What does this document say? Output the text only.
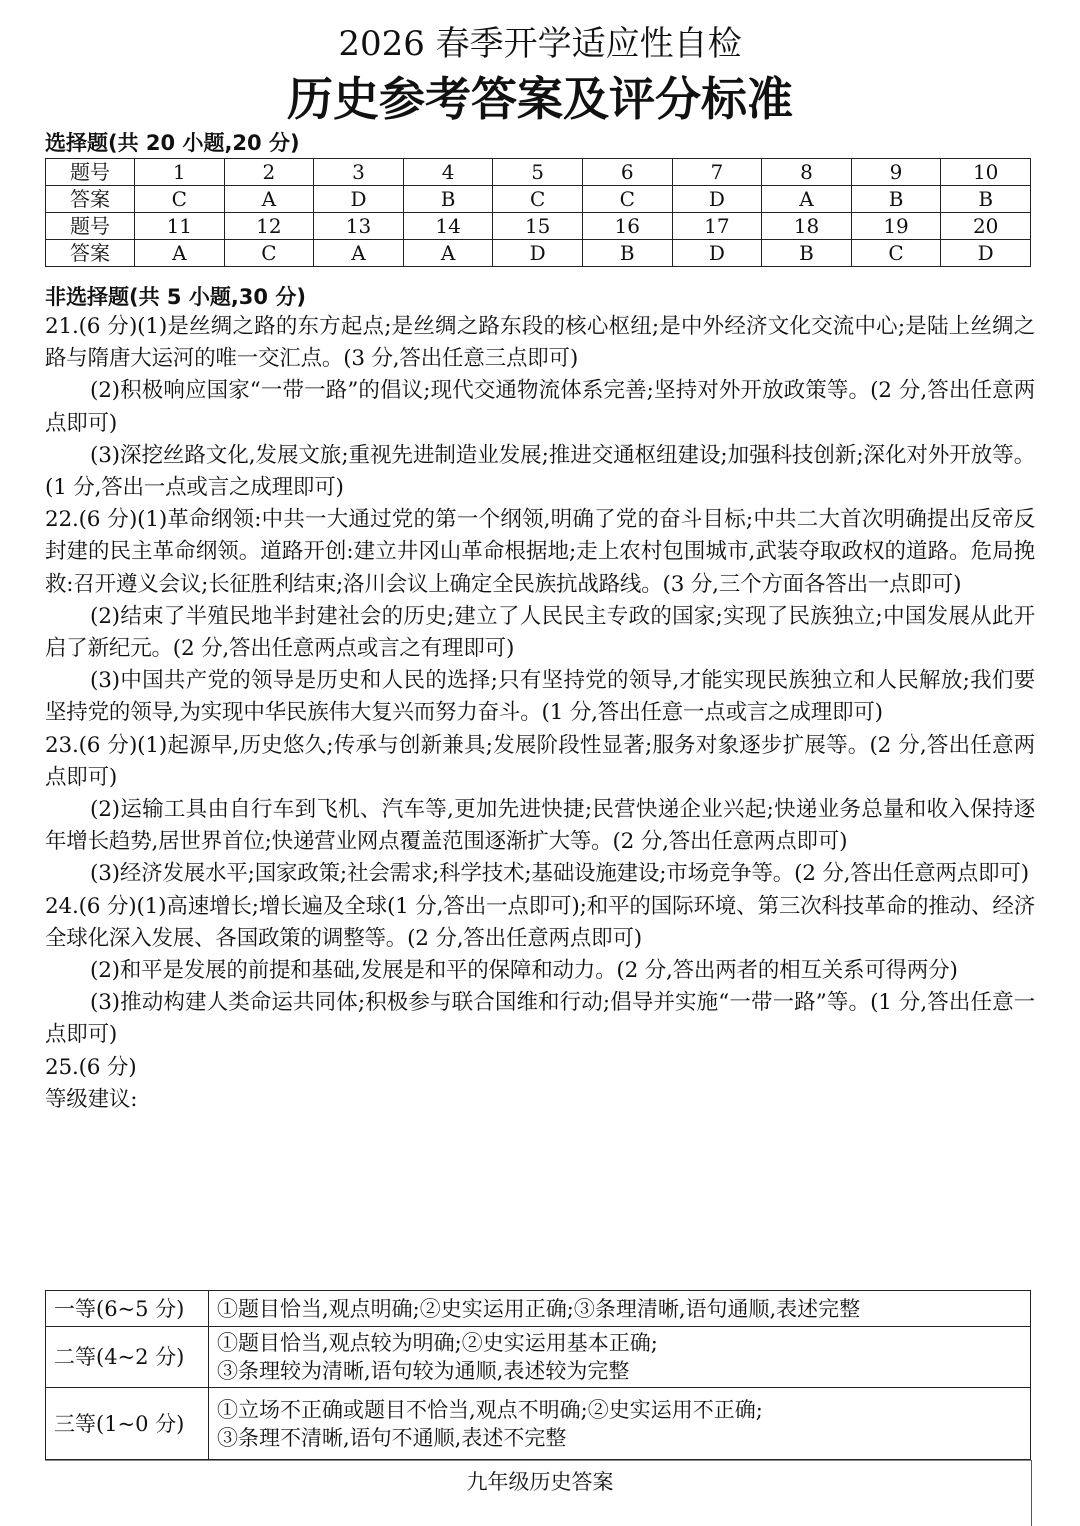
2026 春季开学适应性自检
历史参考答案及评分标准
选择题(共 20 小题,20 分)
题号	1	2	3	4	5	6	7	8	9	10
答案	C	A	D	B	C	C	D	A	B	B
题号	11	12	13	14	15	16	17	18	19	20
答案	A	C	A	A	D	B	D	B	C	D
非选择题(共 5 小题,30 分)

21.(6 分)(1)是丝绸之路的东方起点;是丝绸之路东段的核心枢纽;是中外经济文化交流中心;是陆上丝绸之路与隋唐大运河的唯一交汇点。(3 分,答出任意三点即可)

(2)积极响应国家“一带一路”的倡议;现代交通物流体系完善;坚持对外开放政策等。(2 分,答出任意两点即可)

(3)深挖丝路文化,发展文旅;重视先进制造业发展;推进交通枢纽建设;加强科技创新;深化对外开放等。(1 分,答出一点或言之成理即可)

22.(6 分)(1)革命纲领:中共一大通过党的第一个纲领,明确了党的奋斗目标;中共二大首次明确提出反帝反封建的民主革命纲领。道路开创:建立井冈山革命根据地;走上农村包围城市,武装夺取政权的道路。危局挽救:召开遵义会议;长征胜利结束;洛川会议上确定全民族抗战路线。(3 分,三个方面各答出一点即可)

(2)结束了半殖民地半封建社会的历史;建立了人民民主专政的国家;实现了民族独立;中国发展从此开启了新纪元。(2 分,答出任意两点或言之有理即可)

(3)中国共产党的领导是历史和人民的选择;只有坚持党的领导,才能实现民族独立和人民解放;我们要坚持党的领导,为实现中华民族伟大复兴而努力奋斗。(1 分,答出任意一点或言之成理即可)

23.(6 分)(1)起源早,历史悠久;传承与创新兼具;发展阶段性显著;服务对象逐步扩展等。(2 分,答出任意两点即可)

(2)运输工具由自行车到飞机、汽车等,更加先进快捷;民营快递企业兴起;快递业务总量和收入保持逐年增长趋势,居世界首位;快递营业网点覆盖范围逐渐扩大等。(2 分,答出任意两点即可)

(3)经济发展水平;国家政策;社会需求;科学技术;基础设施建设;市场竞争等。(2 分,答出任意两点即可)

24.(6 分)(1)高速增长;增长遍及全球(1 分,答出一点即可);和平的国际环境、第三次科技革命的推动、经济全球化深入发展、各国政策的调整等。(2 分,答出任意两点即可)

(2)和平是发展的前提和基础,发展是和平的保障和动力。(2 分,答出两者的相互关系可得两分)

(3)推动构建人类命运共同体;积极参与联合国维和行动;倡导并实施“一带一路”等。(1 分,答出任意一点即可)

25.(6 分)

等级建议:

一等(6~5 分)	①题目恰当,观点明确;②史实运用正确;③条理清晰,语句通顺,表述完整

二等(4~2 分)	①题目恰当,观点较为明确;②史实运用基本正确;
③条理较为清晰,语句较为通顺,表述较为完整

三等(1~0 分)	①立场不正确或题目不恰当,观点不明确;②史实运用不正确;
③条理不清晰,语句不通顺,表述不完整
九年级历史答案
